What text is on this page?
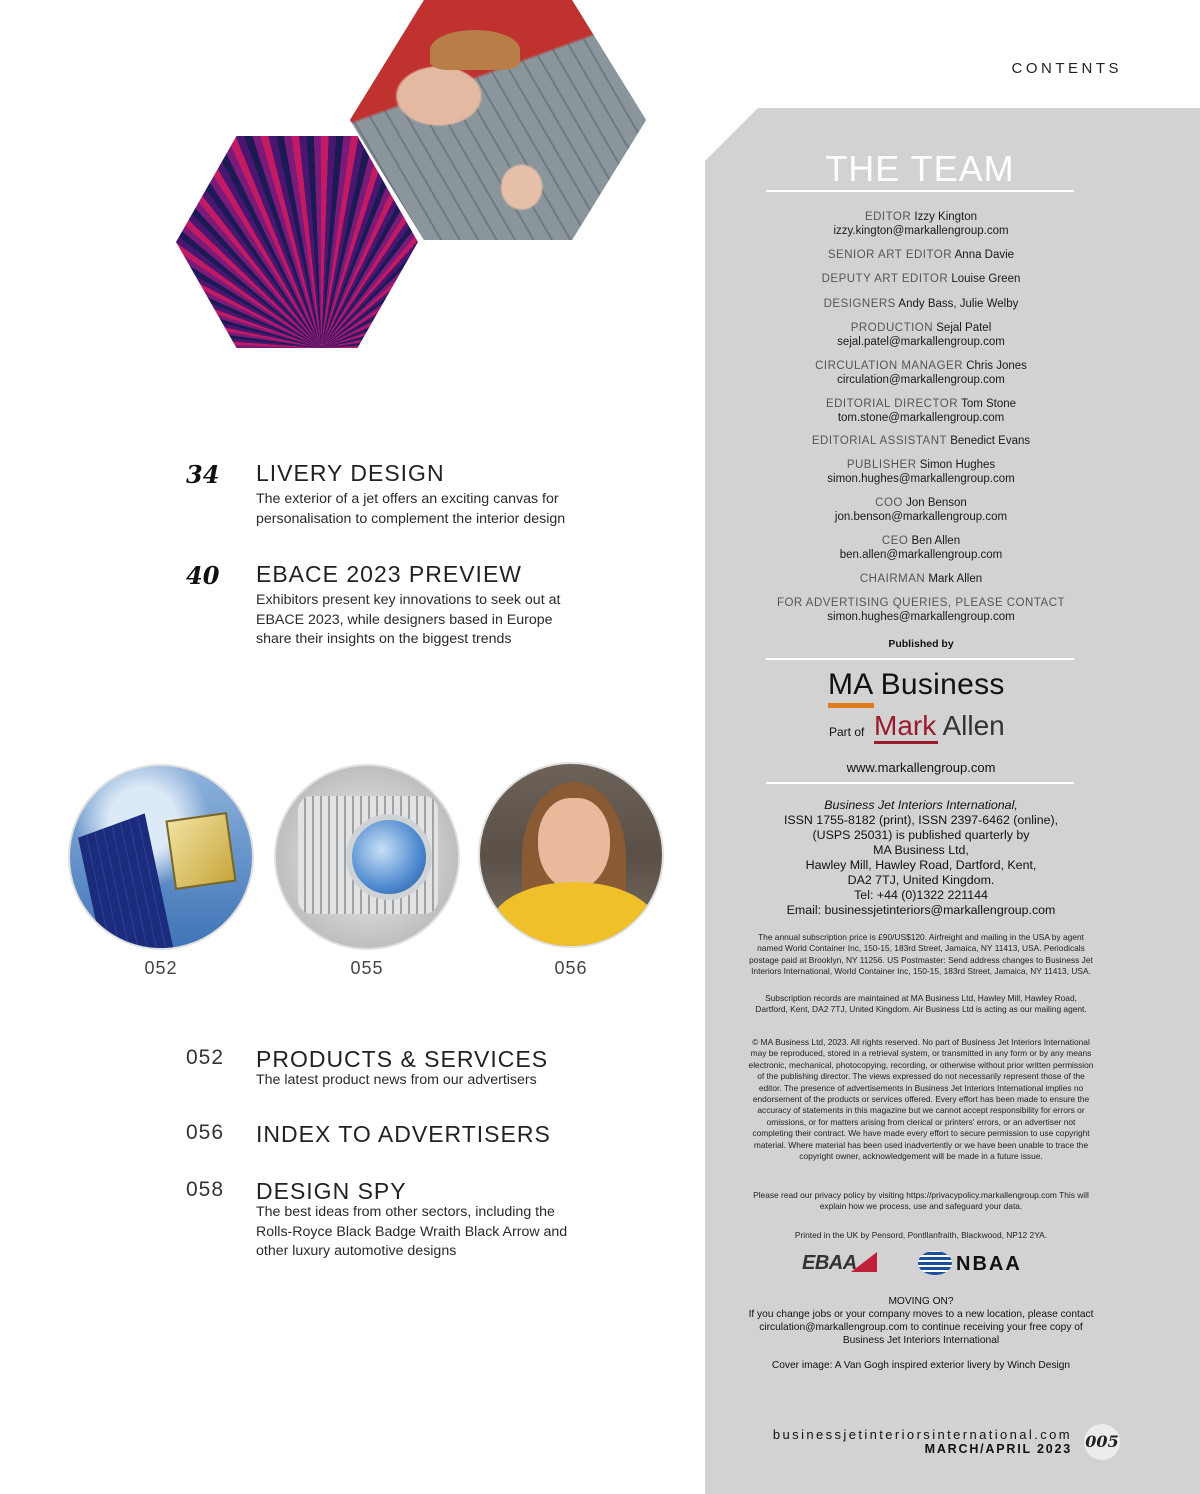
CONTENTS
34	LIVERY DESIGN
The exterior of a jet offers an exciting canvas for personalisation to complement the interior design
40	EBACE 2023 PREVIEW
Exhibitors present key innovations to seek out at EBACE 2023, while designers based in Europe share their insights on the biggest trends
052	055	056
052	PRODUCTS & SERVICES
The latest product news from our advertisers
056	INDEX TO ADVERTISERS
058	DESIGN SPY
The best ideas from other sectors, including the Rolls-Royce Black Badge Wraith Black Arrow and other luxury automotive designs
THE TEAM
EDITOR Izzy Kington
izzy.kington@markallengroup.com
SENIOR ART EDITOR Anna Davie
DEPUTY ART EDITOR Louise Green
DESIGNERS Andy Bass, Julie Welby
PRODUCTION Sejal Patel
sejal.patel@markallengroup.com
CIRCULATION MANAGER Chris Jones
circulation@markallengroup.com
EDITORIAL DIRECTOR Tom Stone
tom.stone@markallengroup.com
EDITORIAL ASSISTANT Benedict Evans
PUBLISHER Simon Hughes
simon.hughes@markallengroup.com
COO Jon Benson
jon.benson@markallengroup.com
CEO Ben Allen
ben.allen@markallengroup.com
CHAIRMAN Mark Allen
FOR ADVERTISING QUERIES, PLEASE CONTACT
simon.hughes@markallengroup.com
Published by
MA Business
Part of Mark Allen
www.markallengroup.com
Business Jet Interiors International,
ISSN 1755-8182 (print), ISSN 2397-6462 (online),
(USPS 25031) is published quarterly by
MA Business Ltd,
Hawley Mill, Hawley Road, Dartford, Kent,
DA2 7TJ, United Kingdom.
Tel: +44 (0)1322 221144
Email: businessjetinteriors@markallengroup.com
The annual subscription price is £90/US$120. Airfreight and mailing in the USA by agent named World Container Inc, 150-15, 183rd Street, Jamaica, NY 11413, USA. Periodicals postage paid at Brooklyn, NY 11256. US Postmaster: Send address changes to Business Jet Interiors International, World Container Inc, 150-15, 183rd Street, Jamaica, NY 11413, USA.
Subscription records are maintained at MA Business Ltd, Hawley Mill, Hawley Road, Dartford, Kent, DA2 7TJ, United Kingdom. Air Business Ltd is acting as our mailing agent.
© MA Business Ltd, 2023. All rights reserved. No part of Business Jet Interiors International may be reproduced, stored in a retrieval system, or transmitted in any form or by any means electronic, mechanical, photocopying, recording, or otherwise without prior written permission of the publishing director. The views expressed do not necessarily represent those of the editor. The presence of advertisements in Business Jet Interiors International implies no endorsement of the products or services offered. Every effort has been made to ensure the accuracy of statements in this magazine but we cannot accept responsibility for errors or omissions, or for matters arising from clerical or printers' errors, or an advertiser not completing their contract. We have made every effort to secure permission to use copyright material. Where material has been used inadvertently or we have been unable to trace the copyright owner, acknowledgement will be made in a future issue.
Please read our privacy policy by visiting https://privacypolicy.markallengroup.com This will explain how we process, use and safeguard your data.
Printed in the UK by Pensord, Pontllanfraith, Blackwood, NP12 2YA.
EBAA	NBAA
MOVING ON?
If you change jobs or your company moves to a new location, please contact circulation@markallengroup.com to continue receiving your free copy of Business Jet Interiors International
Cover image: A Van Gogh inspired exterior livery by Winch Design
businessjetinteriorsinternational.com
MARCH/APRIL 2023 005
